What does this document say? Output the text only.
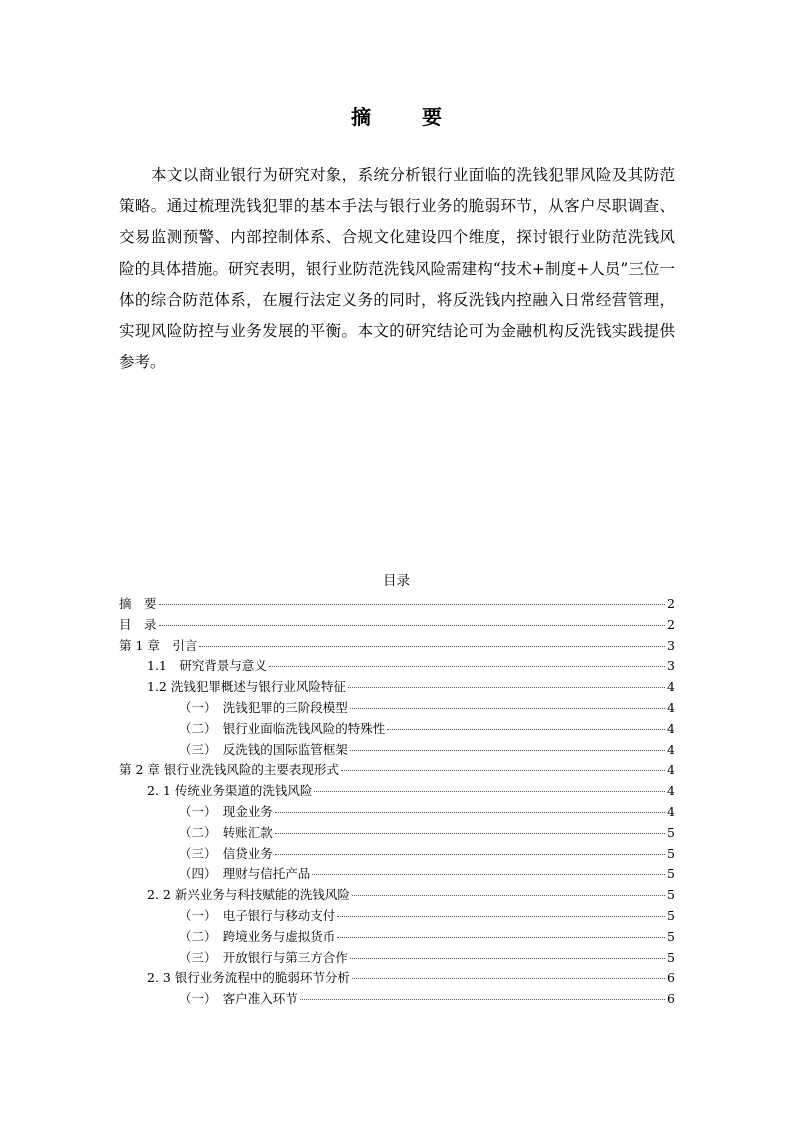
摘 要

本文以商业银行为研究对象，系统分析银行业面临的洗钱犯罪风险及其防范策略。通过梳理洗钱犯罪的基本手法与银行业务的脆弱环节，从客户尽职调查、交易监测预警、内部控制体系、合规文化建设四个维度，探讨银行业防范洗钱风险的具体措施。研究表明，银行业防范洗钱风险需建构“技术+制度+人员”三位一体的综合防范体系，在履行法定义务的同时，将反洗钱内控融入日常经营管理，实现风险防控与业务发展的平衡。本文的研究结论可为金融机构反洗钱实践提供参考。

目录
摘　要	2
目　录	2
第 1 章　引言	3
1.1　研究背景与意义	3
1.2 洗钱犯罪概述与银行业风险特征	4
（一）　洗钱犯罪的三阶段模型	4
（二）　银行业面临洗钱风险的特殊性	4
（三）　反洗钱的国际监管框架	4
第 2 章 银行业洗钱风险的主要表现形式	4
2. 1 传统业务渠道的洗钱风险	4
（一）　现金业务	4
（二）　转账汇款	5
（三）　信贷业务	5
（四）　理财与信托产品	5
2. 2 新兴业务与科技赋能的洗钱风险	5
（一）　电子银行与移动支付	5
（二）　跨境业务与虚拟货币	5
（三）　开放银行与第三方合作	5
2. 3 银行业务流程中的脆弱环节分析	6
（一）　客户准入环节	6
